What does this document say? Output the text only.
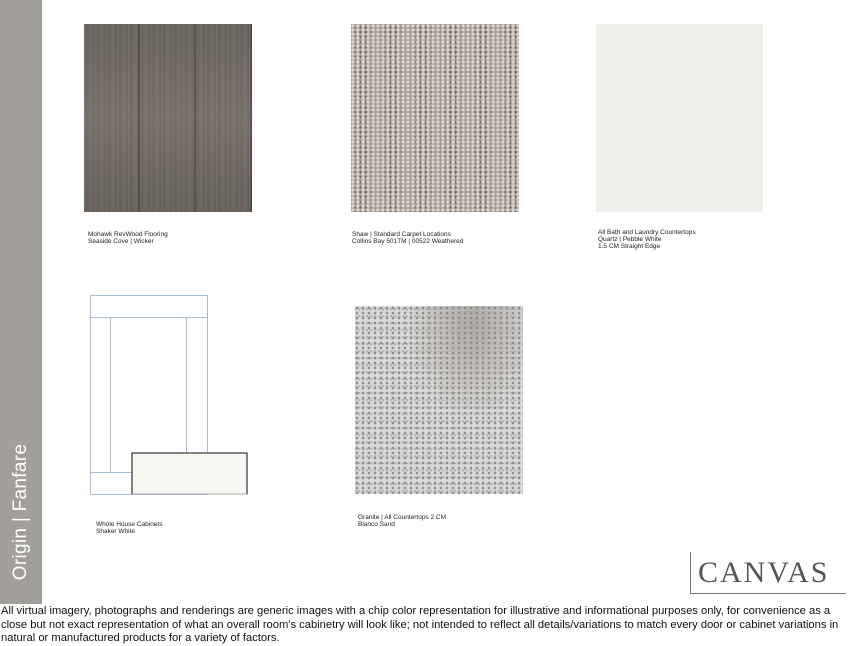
Origin | Fanfare
Mohawk RevWood Flooring
Seaside Cove | Wicker
Shaw | Standard Carpet Locations
Collins Bay 501TM | 00522 Weathered
All Bath and Laundry Countertops
Quartz | Pebble White
1.5 CM Straight Edge
Whole House Cabinets
Shaker White
Granite | All Countertops 2 CM
Blanco Sand
CANVAS
All virtual imagery, photographs and renderings are generic images with a chip color representation for illustrative and informational purposes only, for convenience as a close but not exact representation of what an overall room's cabinetry will look like; not intended to reflect all details/variations to match every door or cabinet variations in natural or manufactured products for a variety of factors.
